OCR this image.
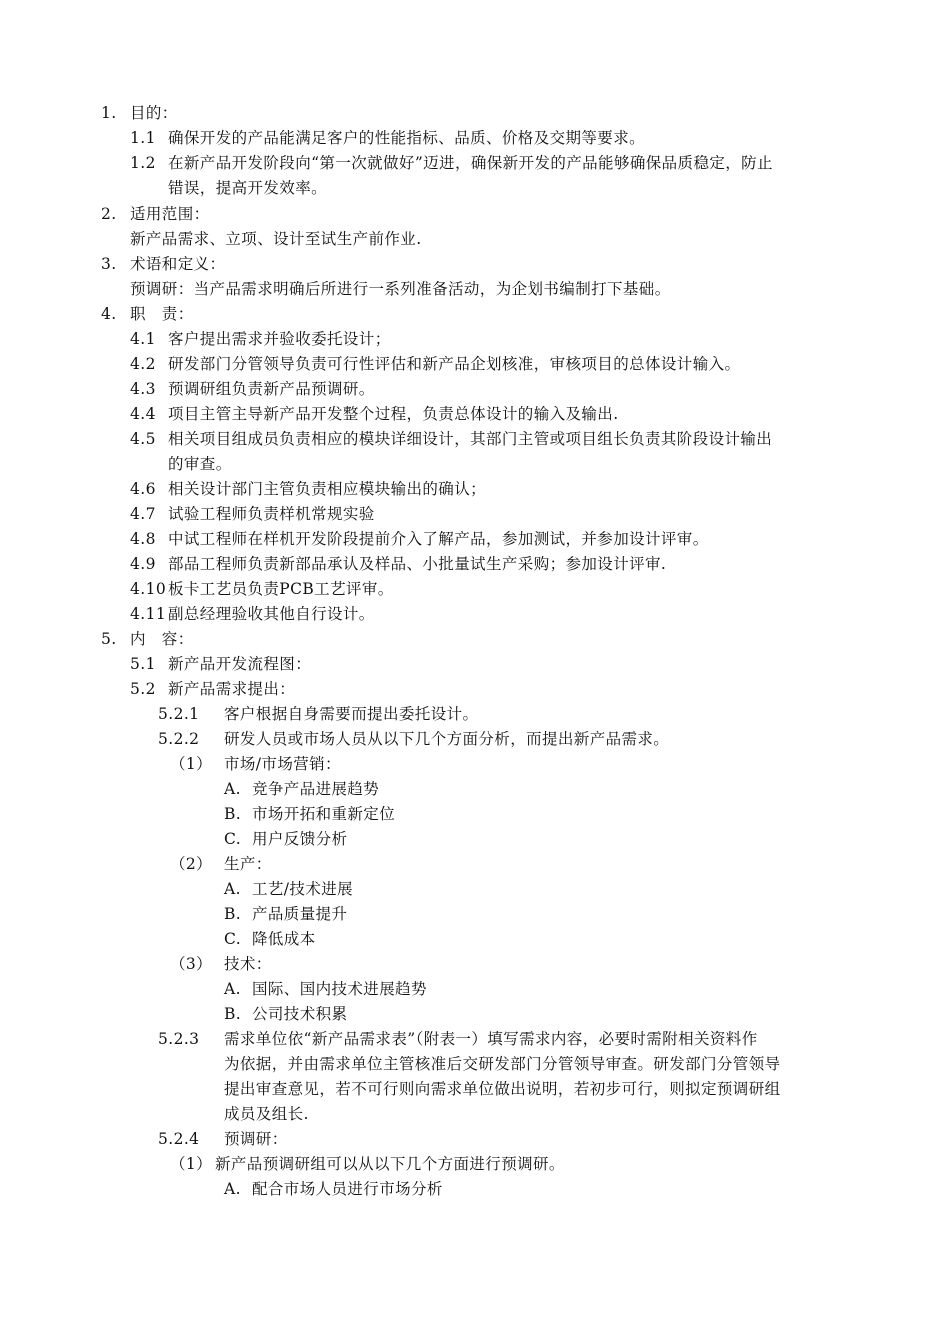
1. 目的：
1.1 确保开发的产品能满足客户的性能指标、品质、价格及交期等要求。
1.2 在新产品开发阶段向“第一次就做好”迈进，确保新开发的产品能够确保品质稳定，防止
错误，提高开发效率。
2. 适用范围：
新产品需求、立项、设计至试生产前作业.
3. 术语和定义：
预调研：当产品需求明确后所进行一系列准备活动，为企划书编制打下基础。
4. 职　责：
4.1 客户提出需求并验收委托设计；
4.2 研发部门分管领导负责可行性评估和新产品企划核准，审核项目的总体设计输入。
4.3 预调研组负责新产品预调研。
4.4 项目主管主导新产品开发整个过程，负责总体设计的输入及输出.
4.5 相关项目组成员负责相应的模块详细设计，其部门主管或项目组长负责其阶段设计输出
的审查。
4.6 相关设计部门主管负责相应模块输出的确认；
4.7 试验工程师负责样机常规实验
4.8 中试工程师在样机开发阶段提前介入了解产品，参加测试，并参加设计评审。
4.9 部品工程师负责新部品承认及样品、小批量试生产采购；参加设计评审.
4.10 板卡工艺员负责PCB工艺评审。
4.11 副总经理验收其他自行设计。
5. 内　容：
5.1 新产品开发流程图：
5.2 新产品需求提出：
5.2.1 客户根据自身需要而提出委托设计。
5.2.2 研发人员或市场人员从以下几个方面分析，而提出新产品需求。
（1） 市场/市场营销：
A. 竞争产品进展趋势
B. 市场开拓和重新定位
C. 用户反馈分析
（2） 生产：
A. 工艺/技术进展
B. 产品质量提升
C. 降低成本
（3） 技术：
A. 国际、国内技术进展趋势
B. 公司技术积累
5.2.3 需求单位依“新产品需求表”（附表一）填写需求内容，必要时需附相关资料作
为依据，并由需求单位主管核准后交研发部门分管领导审查。研发部门分管领导
提出审查意见，若不可行则向需求单位做出说明，若初步可行，则拟定预调研组
成员及组长.
5.2.4 预调研：
（1） 新产品预调研组可以从以下几个方面进行预调研。
A. 配合市场人员进行市场分析
